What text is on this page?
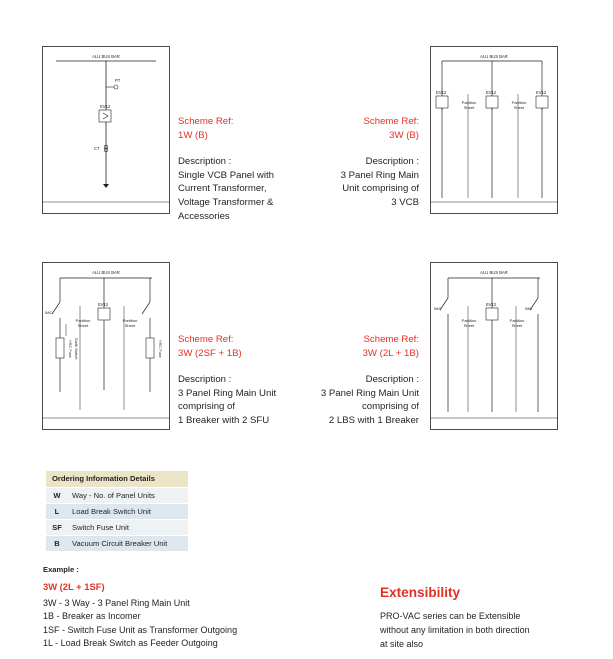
ALU BUS BAR
PT
EV12
CT
Scheme Ref:
1W (B)
Description :
Single VCB Panel with
Current Transformer,
Voltage Transformer &
Accessories
ALU BUS BAR
EV12	EV12	EV12
Partition
Sheet
Partition
Sheet
Scheme Ref:
3W (B)
Description :
3 Panel Ring Main
Unit comprising of
3 VCB
ALU BUS BAR
IMC
HRC Fuse Earth Switch
EV12
Partition
Sheet
Partition
Sheet
HRC Fuse
Scheme Ref:
3W (2SF + 1B)
Description :
3 Panel Ring Main Unit
comprising of
1 Breaker with 2 SFU
ALU BUS BAR
IMC
EV12
IMC
Partition
Sheet
Partition
Sheet
Scheme Ref:
3W (2L + 1B)
Description :
3 Panel Ring Main Unit
comprising of
2 LBS with 1 Breaker
Ordering Information Details
W	Way - No. of Panel Units
L	Load Break Switch Unit
SF	Switch Fuse Unit
B	Vacuum Circuit Breaker Unit
Example :
3W (2L + 1SF)
3W - 3 Way - 3 Panel Ring Main Unit
1B - Breaker as Incomer
1SF - Switch Fuse Unit as Transformer Outgoing
1L - Load Break Switch as Feeder Outgoing
Extensibility
PRO-VAC series can be Extensible
without any limitation in both direction
at site also
